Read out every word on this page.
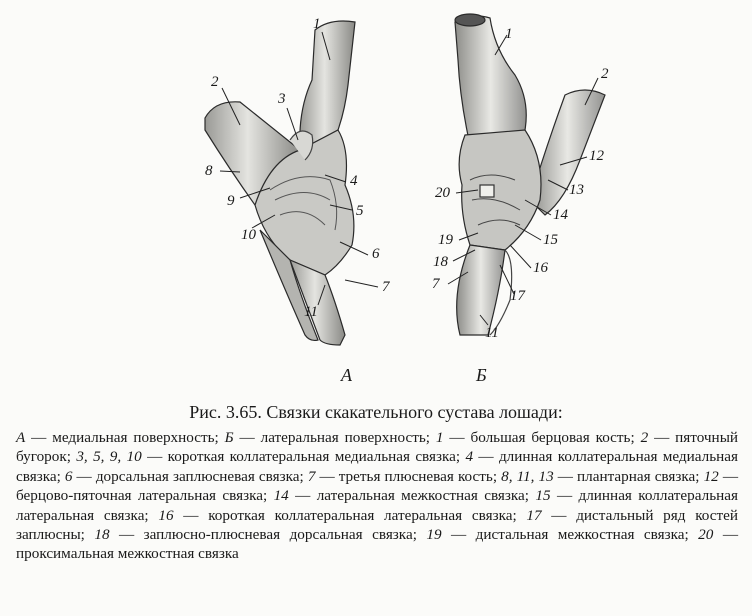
1
2
3
4
5
6
7
8
9
10
11
1
2
12
13
14
15
16
17
20
19
18
7
11
А	Б

Рис. 3.65. Связки скакательного сустава лошади:

А — медиальная поверхность; Б — латеральная поверхность; 1 — большая берцовая кость; 2 — пяточный бугорок; 3, 5, 9, 10 — короткая коллатеральная медиальная связка; 4 — длинная коллатеральная медиальная связка; 6 — дорсальная заплюсневая связка; 7 — третья плюсневая кость; 8, 11, 13 — плантарная связка; 12 — берцово-пяточная латеральная связка; 14 — латеральная межкостная связка; 15 — длинная коллатеральная латеральная связка; 16 — короткая коллатеральная латеральная связка; 17 — дистальный ряд костей заплюсны; 18 — заплюсно-плюсневая дорсальная связка; 19 — дистальная межкостная связка; 20 — проксимальная межкостная связка
